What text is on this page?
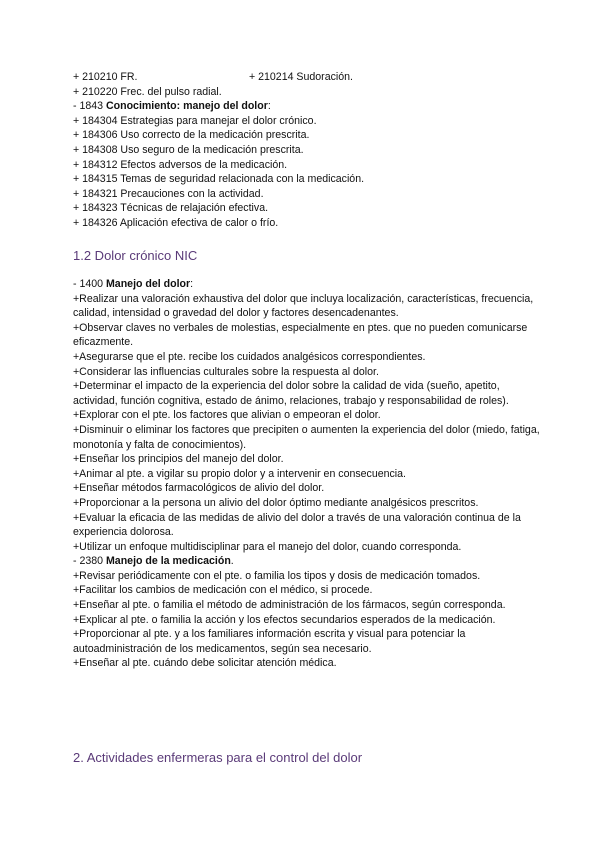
+ 210210 FR.	+ 210214 Sudoración.
+ 210220 Frec. del pulso radial.
- 1843 Conocimiento: manejo del dolor:
+ 184304 Estrategias para manejar el dolor crónico.
+ 184306 Uso correcto de la medicación prescrita.
+ 184308 Uso seguro de la medicación prescrita.
+ 184312 Efectos adversos de la medicación.
+ 184315 Temas de seguridad relacionada con la medicación.
+ 184321 Precauciones con la actividad.
+ 184323 Técnicas de relajación efectiva.
+ 184326 Aplicación efectiva de calor o frío.
1.2 Dolor crónico NIC
- 1400 Manejo del dolor:
+Realizar una valoración exhaustiva del dolor que incluya localización, características, frecuencia, calidad, intensidad o gravedad del dolor y factores desencadenantes.
+Observar claves no verbales de molestias, especialmente en ptes. que no pueden comunicarse eficazmente.
+Asegurarse que el pte. recibe los cuidados analgésicos correspondientes.
+Considerar las influencias culturales sobre la respuesta al dolor.
+Determinar el impacto de la experiencia del dolor sobre la calidad de vida (sueño, apetito, actividad, función cognitiva, estado de ánimo, relaciones, trabajo y responsabilidad de roles).
+Explorar con el pte. los factores que alivian o empeoran el dolor.
+Disminuir o eliminar los factores que precipiten o aumenten la experiencia del dolor (miedo, fatiga, monotonía y falta de conocimientos).
+Enseñar los principios del manejo del dolor.
+Animar al pte. a vigilar su propio dolor y a intervenir en consecuencia.
+Enseñar métodos farmacológicos de alivio del dolor.
+Proporcionar a la persona un alivio del dolor óptimo mediante analgésicos prescritos.
+Evaluar la eficacia de las medidas de alivio del dolor a través de una valoración continua de la experiencia dolorosa.
+Utilizar un enfoque multidisciplinar para el manejo del dolor, cuando corresponda.
- 2380 Manejo de la medicación.
+Revisar periódicamente con el pte. o familia los tipos y dosis de medicación tomados.
+Facilitar los cambios de medicación con el médico, si procede.
+Enseñar al pte. o familia el método de administración de los fármacos, según corresponda.
+Explicar al pte. o familia la acción y los efectos secundarios esperados de la medicación.
+Proporcionar al pte. y a los familiares información escrita y visual para potenciar la autoadministración de los medicamentos, según sea necesario.
+Enseñar al pte. cuándo debe solicitar atención médica.
2. Actividades enfermeras para el control del dolor
